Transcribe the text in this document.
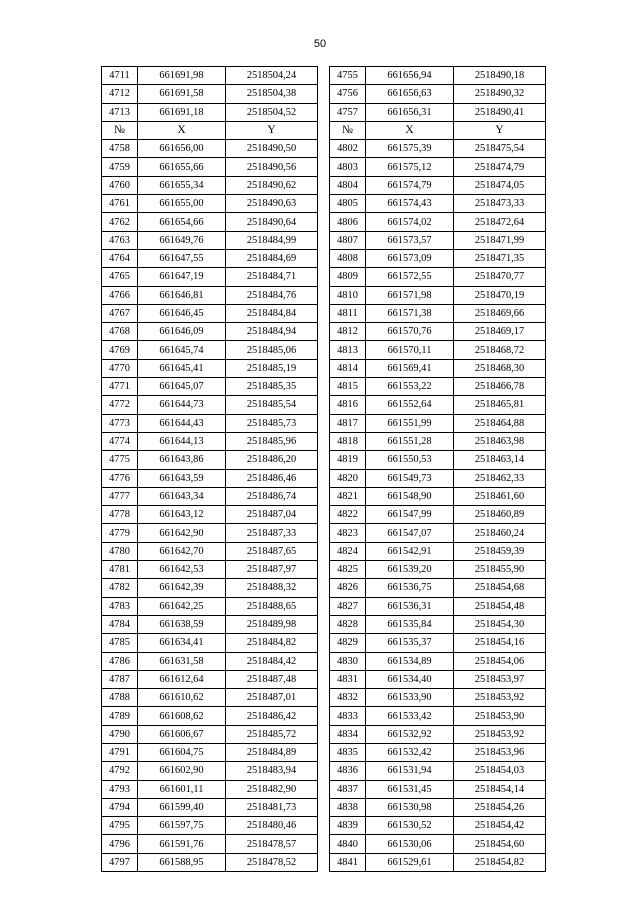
50
4711	661691,98	2518504,24		4755	661656,94	2518490,18
4712	661691,58	2518504,38		4756	661656,63	2518490,32
4713	661691,18	2518504,52		4757	661656,31	2518490,41
№	X	Y		№	X	Y
4758	661656,00	2518490,50		4802	661575,39	2518475,54
4759	661655,66	2518490,56		4803	661575,12	2518474,79
4760	661655,34	2518490,62		4804	661574,79	2518474,05
4761	661655,00	2518490,63		4805	661574,43	2518473,33
4762	661654,66	2518490,64		4806	661574,02	2518472,64
4763	661649,76	2518484,99		4807	661573,57	2518471,99
4764	661647,55	2518484,69		4808	661573,09	2518471,35
4765	661647,19	2518484,71		4809	661572,55	2518470,77
4766	661646,81	2518484,76		4810	661571,98	2518470,19
4767	661646,45	2518484,84		4811	661571,38	2518469,66
4768	661646,09	2518484,94		4812	661570,76	2518469,17
4769	661645,74	2518485,06		4813	661570,11	2518468,72
4770	661645,41	2518485,19		4814	661569,41	2518468,30
4771	661645,07	2518485,35		4815	661553,22	2518466,78
4772	661644,73	2518485,54		4816	661552,64	2518465,81
4773	661644,43	2518485,73		4817	661551,99	2518464,88
4774	661644,13	2518485,96		4818	661551,28	2518463,98
4775	661643,86	2518486,20		4819	661550,53	2518463,14
4776	661643,59	2518486,46		4820	661549,73	2518462,33
4777	661643,34	2518486,74		4821	661548,90	2518461,60
4778	661643,12	2518487,04		4822	661547,99	2518460,89
4779	661642,90	2518487,33		4823	661547,07	2518460,24
4780	661642,70	2518487,65		4824	661542,91	2518459,39
4781	661642,53	2518487,97		4825	661539,20	2518455,90
4782	661642,39	2518488,32		4826	661536,75	2518454,68
4783	661642,25	2518488,65		4827	661536,31	2518454,48
4784	661638,59	2518489,98		4828	661535,84	2518454,30
4785	661634,41	2518484,82		4829	661535,37	2518454,16
4786	661631,58	2518484,42		4830	661534,89	2518454,06
4787	661612,64	2518487,48		4831	661534,40	2518453,97
4788	661610,62	2518487,01		4832	661533,90	2518453,92
4789	661608,62	2518486,42		4833	661533,42	2518453,90
4790	661606,67	2518485,72		4834	661532,92	2518453,92
4791	661604,75	2518484,89		4835	661532,42	2518453,96
4792	661602,90	2518483,94		4836	661531,94	2518454,03
4793	661601,11	2518482,90		4837	661531,45	2518454,14
4794	661599,40	2518481,73		4838	661530,98	2518454,26
4795	661597,75	2518480,46		4839	661530,52	2518454,42
4796	661591,76	2518478,57		4840	661530,06	2518454,60
4797	661588,95	2518478,52		4841	661529,61	2518454,82
